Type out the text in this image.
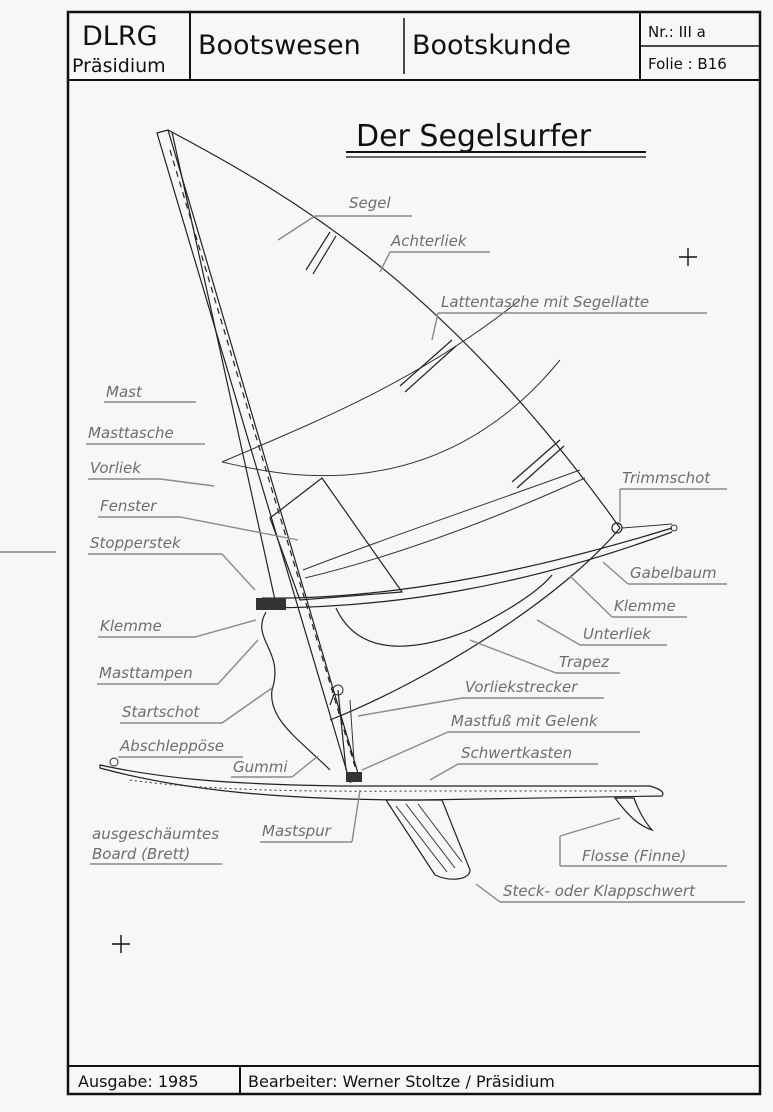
DLRG
Präsidium
Bootswesen Bootskunde	Nr.: III a
Folie : B16
Der Segelsurfer
Segel
Achterliek
Lattentasche mit Segellatte
Mast
Masttasche
Vorliek
Fenster
Stopperstek
Trimmschot
Gabelbaum
Klemme
Klemme	Unterliek
Trapez
Masttampen
Vorliekstrecker
Startschot	Mastfuß mit Gelenk
Abschleppöse	Schwertkasten
Gummi
ausgeschäumtes
Board (Brett)
Mastspur
Flosse (Finne)
Steck- oder Klappschwert
Ausgabe: 1985	Bearbeiter: Werner Stoltze / Präsidium
